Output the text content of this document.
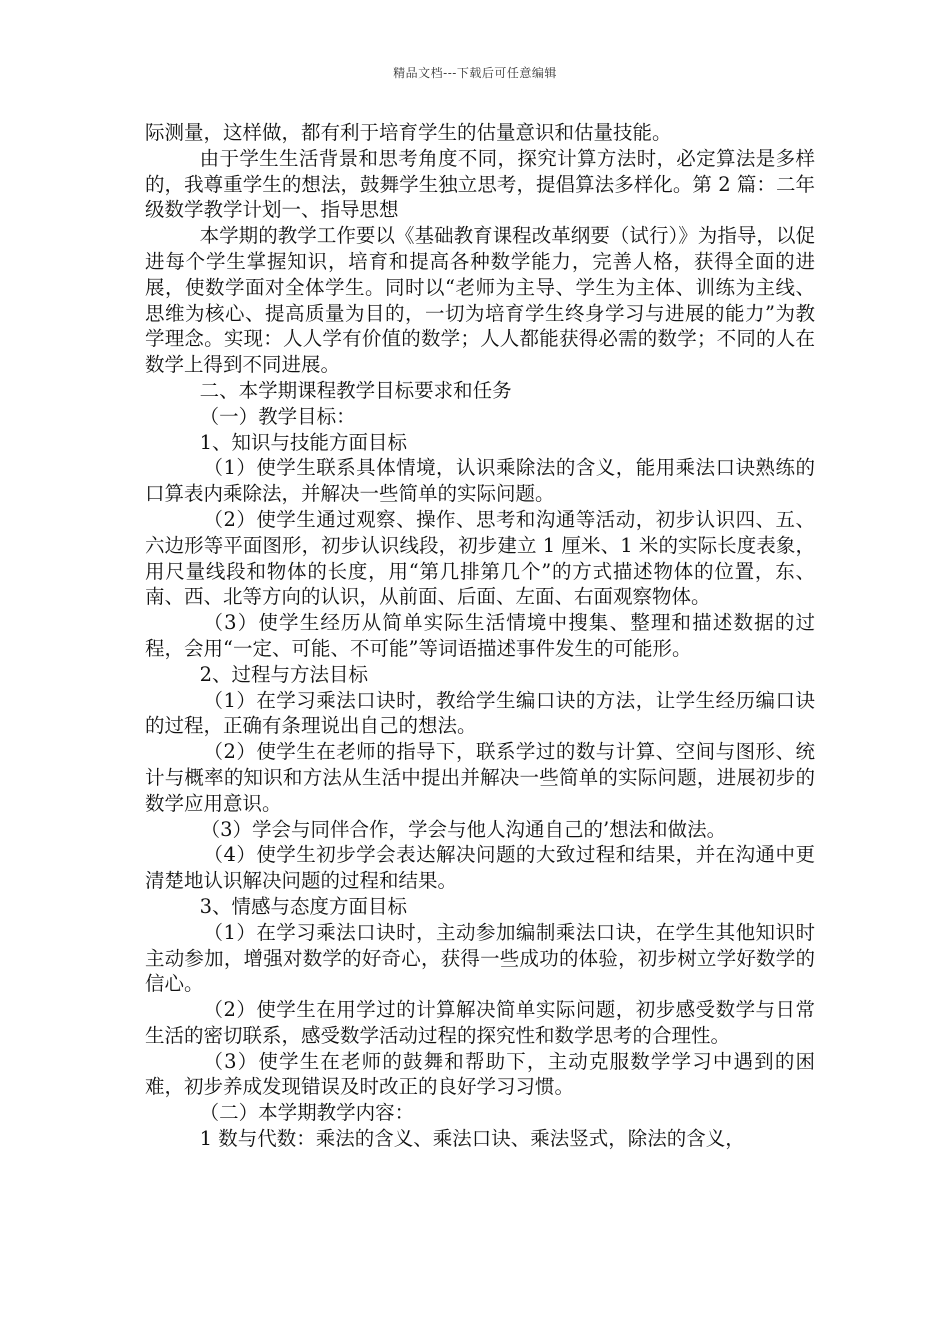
精品文档---下载后可任意编辑

际测量，这样做，都有利于培育学生的估量意识和估量技能。

由于学生生活背景和思考角度不同，探究计算方法时，必定算法是多样的，我尊重学生的想法，鼓舞学生独立思考，提倡算法多样化。第 2 篇：二年级数学教学计划一、指导思想

本学期的教学工作要以《基础教育课程改革纲要（试行）》为指导，以促进每个学生掌握知识，培育和提高各种数学能力，完善人格，获得全面的进展，使数学面对全体学生。同时以“老师为主导、学生为主体、训练为主线、思维为核心、提高质量为目的，一切为培育学生终身学习与进展的能力”为教学理念。实现：人人学有价值的数学；人人都能获得必需的数学；不同的人在数学上得到不同进展。

二、本学期课程教学目标要求和任务

（一）教学目标：

1、知识与技能方面目标

（1）使学生联系具体情境，认识乘除法的含义，能用乘法口诀熟练的口算表内乘除法，并解决一些简单的实际问题。

（2）使学生通过观察、操作、思考和沟通等活动，初步认识四、五、六边形等平面图形，初步认识线段，初步建立 1 厘米、1 米的实际长度表象，用尺量线段和物体的长度，用“第几排第几个”的方式描述物体的位置，东、南、西、北等方向的认识，从前面、后面、左面、右面观察物体。

（3）使学生经历从简单实际生活情境中搜集、整理和描述数据的过程，会用“一定、可能、不可能”等词语描述事件发生的可能形。

2、过程与方法目标

（1）在学习乘法口诀时，教给学生编口诀的方法，让学生经历编口诀的过程，正确有条理说出自己的想法。

（2）使学生在老师的指导下，联系学过的数与计算、空间与图形、统计与概率的知识和方法从生活中提出并解决一些简单的实际问题，进展初步的数学应用意识。

（3）学会与同伴合作，学会与他人沟通自己的’想法和做法。

（4）使学生初步学会表达解决问题的大致过程和结果，并在沟通中更清楚地认识解决问题的过程和结果。

3、情感与态度方面目标

（1）在学习乘法口诀时，主动参加编制乘法口诀，在学生其他知识时主动参加，增强对数学的好奇心，获得一些成功的体验，初步树立学好数学的信心。

（2）使学生在用学过的计算解决简单实际问题，初步感受数学与日常生活的密切联系，感受数学活动过程的探究性和数学思考的合理性。

（3）使学生在老师的鼓舞和帮助下，主动克服数学学习中遇到的困难，初步养成发现错误及时改正的良好学习习惯。

（二）本学期教学内容：

1 数与代数：乘法的含义、乘法口诀、乘法竖式，除法的含义，
